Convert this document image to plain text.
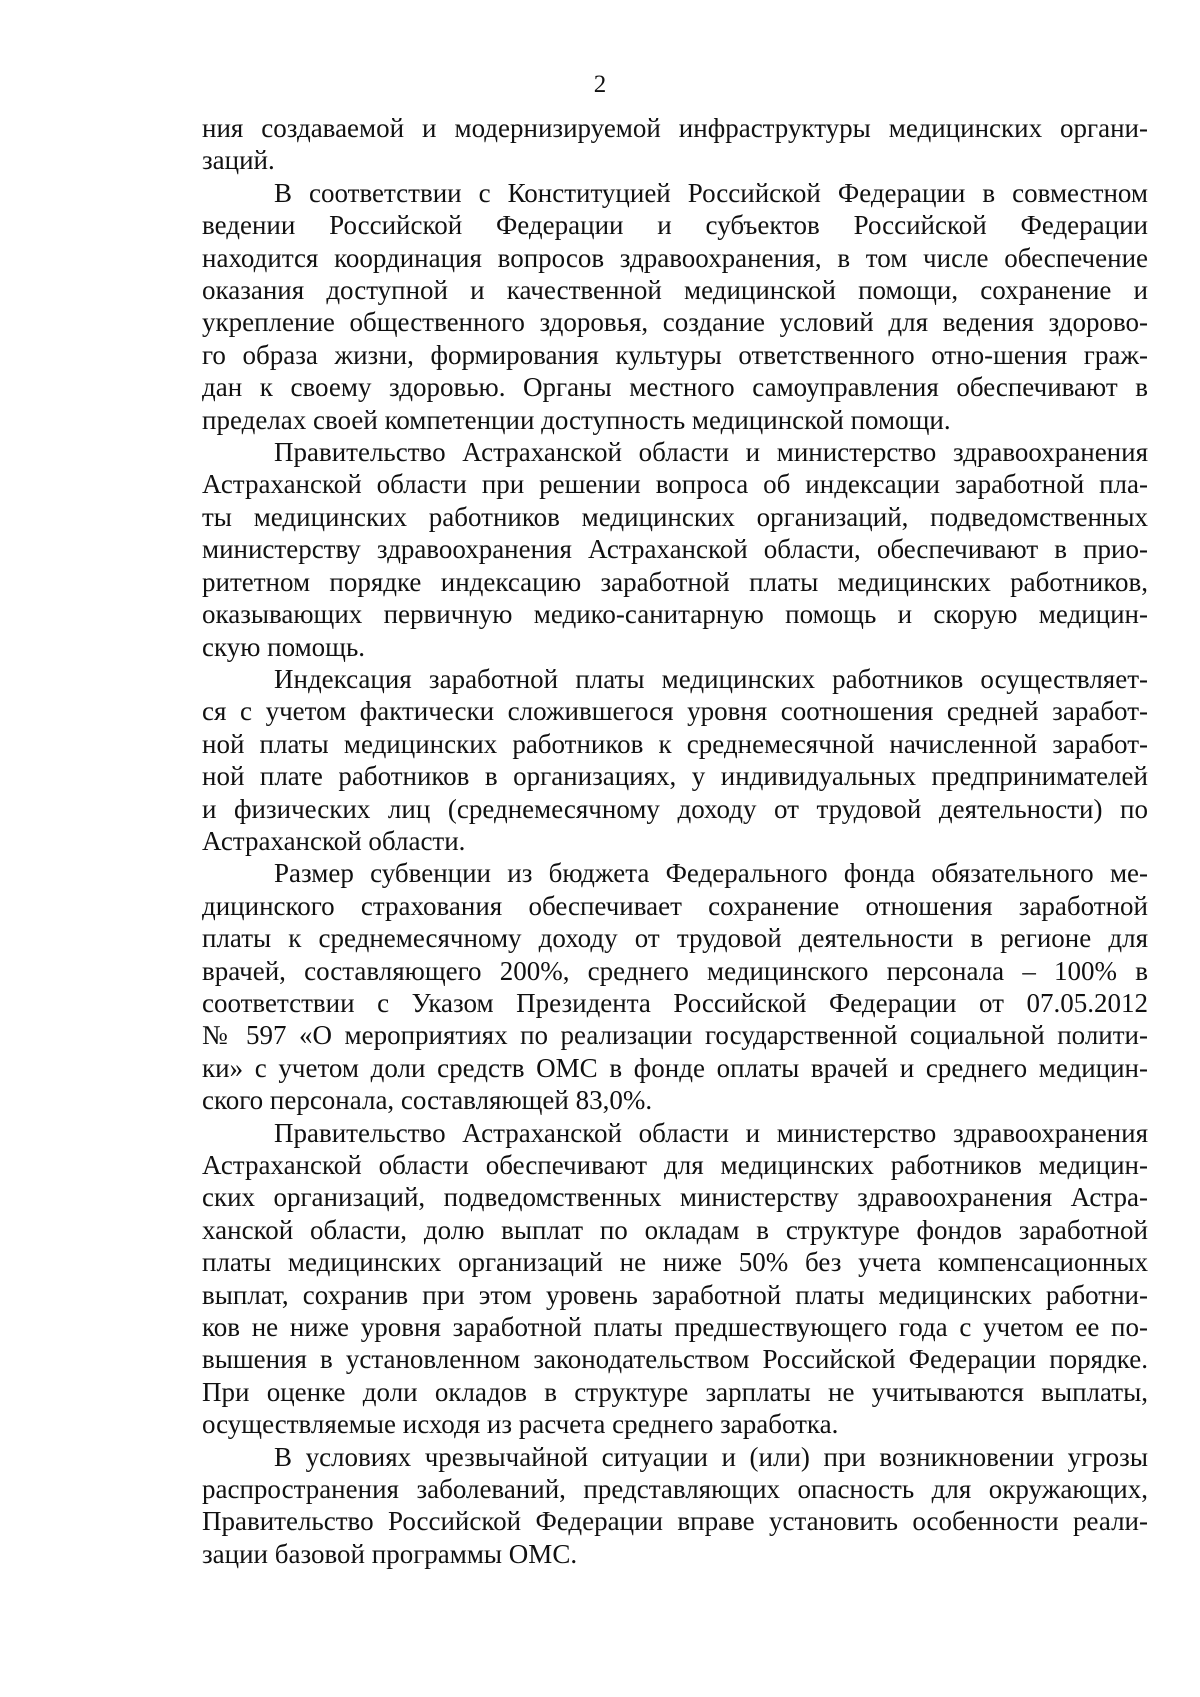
2
ния создаваемой и модернизируемой инфраструктуры медицинских органи-
заций.
В соответствии с Конституцией Российской Федерации в совместном
ведении Российской Федерации и субъектов Российской Федерации
находится координация вопросов здравоохранения, в том числе обеспечение
оказания доступной и качественной медицинской помощи, сохранение и
укрепление общественного здоровья, создание условий для ведения здорово-
го образа жизни, формирования культуры ответственного отно-шения граж-
дан к своему здоровью. Органы местного самоуправления обеспечивают в
пределах своей компетенции доступность медицинской помощи.
Правительство Астраханской области и министерство здравоохранения
Астраханской области при решении вопроса об индексации заработной пла-
ты медицинских работников медицинских организаций, подведомственных
министерству здравоохранения Астраханской области, обеспечивают в прио-
ритетном порядке индексацию заработной платы медицинских работников,
оказывающих первичную медико-санитарную помощь и скорую медицин-
скую помощь.
Индексация заработной платы медицинских работников осуществляет-
ся с учетом фактически сложившегося уровня соотношения средней заработ-
ной платы медицинских работников к среднемесячной начисленной заработ-
ной плате работников в организациях, у индивидуальных предпринимателей
и физических лиц (среднемесячному доходу от трудовой деятельности) по
Астраханской области.
Размер субвенции из бюджета Федерального фонда обязательного ме-
дицинского страхования обеспечивает сохранение отношения заработной
платы к среднемесячному доходу от трудовой деятельности в регионе для
врачей, составляющего 200%, среднего медицинского персонала – 100% в
соответствии с Указом Президента Российской Федерации от 07.05.2012
№ 597 «О мероприятиях по реализации государственной социальной полити-
ки» с учетом доли средств ОМС в фонде оплаты врачей и среднего медицин-
ского персонала, составляющей 83,0%.
Правительство Астраханской области и министерство здравоохранения
Астраханской области обеспечивают для медицинских работников медицин-
ских организаций, подведомственных министерству здравоохранения Астра-
ханской области, долю выплат по окладам в структуре фондов заработной
платы медицинских организаций не ниже 50% без учета компенсационных
выплат, сохранив при этом уровень заработной платы медицинских работни-
ков не ниже уровня заработной платы предшествующего года с учетом ее по-
вышения в установленном законодательством Российской Федерации порядке.
При оценке доли окладов в структуре зарплаты не учитываются выплаты,
осуществляемые исходя из расчета среднего заработка.
В условиях чрезвычайной ситуации и (или) при возникновении угрозы
распространения заболеваний, представляющих опасность для окружающих,
Правительство Российской Федерации вправе установить особенности реали-
зации базовой программы ОМС.
